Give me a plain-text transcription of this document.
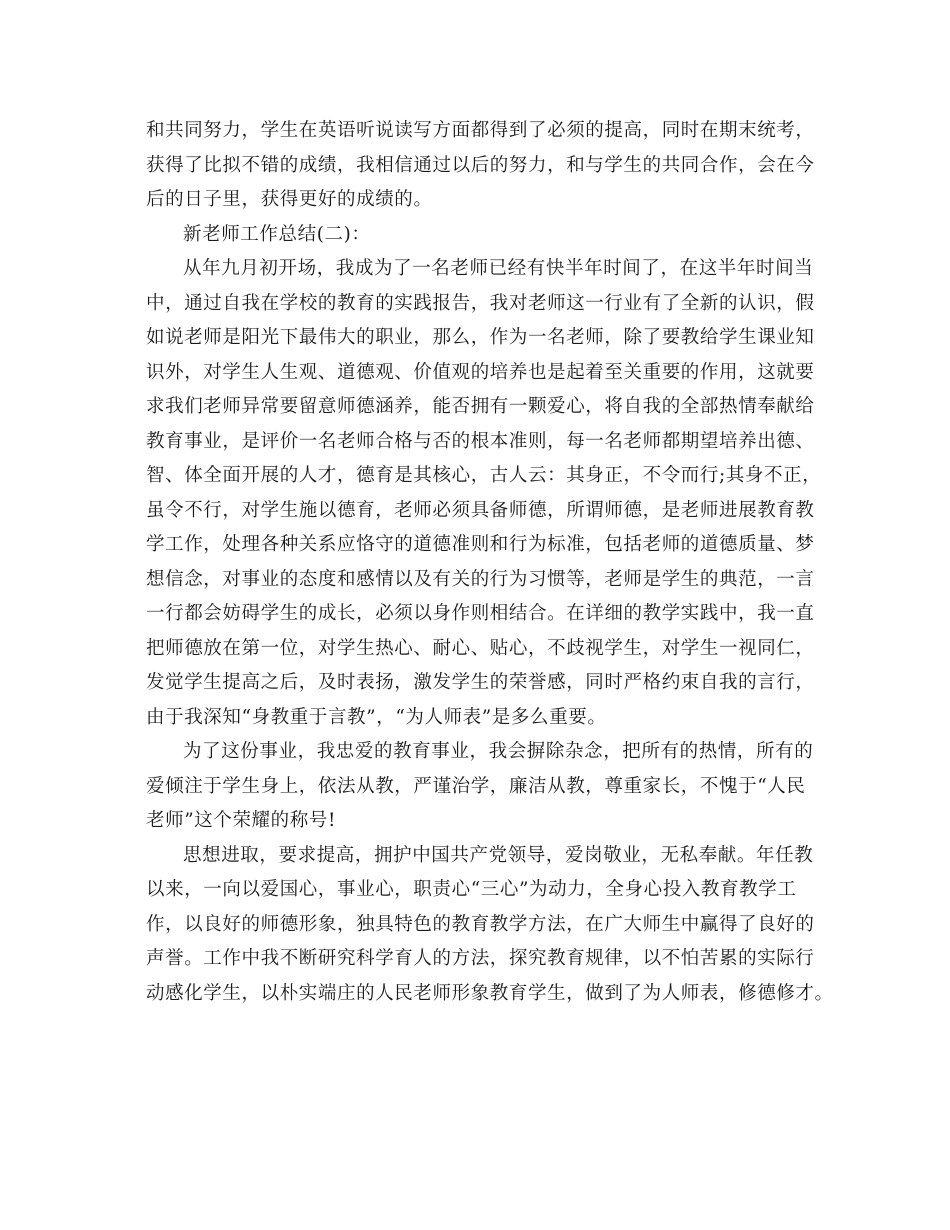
和共同努力，学生在英语听说读写方面都得到了必须的提高，同时在期末统考，
获得了比拟不错的成绩，我相信通过以后的努力，和与学生的共同合作，会在今
后的日子里，获得更好的成绩的。
新老师工作总结(二)：
从年九月初开场，我成为了一名老师已经有快半年时间了，在这半年时间当
中，通过自我在学校的教育的实践报告，我对老师这一行业有了全新的认识，假
如说老师是阳光下最伟大的职业，那么，作为一名老师，除了要教给学生课业知
识外，对学生人生观、道德观、价值观的培养也是起着至关重要的作用，这就要
求我们老师异常要留意师德涵养，能否拥有一颗爱心，将自我的全部热情奉献给
教育事业，是评价一名老师合格与否的根本准则，每一名老师都期望培养出德、
智、体全面开展的人才，德育是其核心，古人云：其身正，不令而行;其身不正，
虽令不行，对学生施以德育，老师必须具备师德，所谓师德，是老师进展教育教
学工作，处理各种关系应恪守的道德准则和行为标准，包括老师的道德质量、梦
想信念，对事业的态度和感情以及有关的行为习惯等，老师是学生的典范，一言
一行都会妨碍学生的成长，必须以身作则相结合。在详细的教学实践中，我一直
把师德放在第一位，对学生热心、耐心、贴心，不歧视学生，对学生一视同仁，
发觉学生提高之后，及时表扬，激发学生的荣誉感，同时严格约束自我的言行，
由于我深知“身教重于言教”，“为人师表”是多么重要。
为了这份事业，我忠爱的教育事业，我会摒除杂念，把所有的热情，所有的
爱倾注于学生身上，依法从教，严谨治学，廉洁从教，尊重家长，不愧于“人民
老师”这个荣耀的称号!
思想进取，要求提高，拥护中国共产党领导，爱岗敬业，无私奉献。年任教
以来，一向以爱国心，事业心，职责心“三心”为动力，全身心投入教育教学工
作，以良好的师德形象，独具特色的教育教学方法，在广大师生中赢得了良好的
声誉。工作中我不断研究科学育人的方法，探究教育规律，以不怕苦累的实际行
动感化学生，以朴实端庄的人民老师形象教育学生，做到了为人师表，修德修才。
